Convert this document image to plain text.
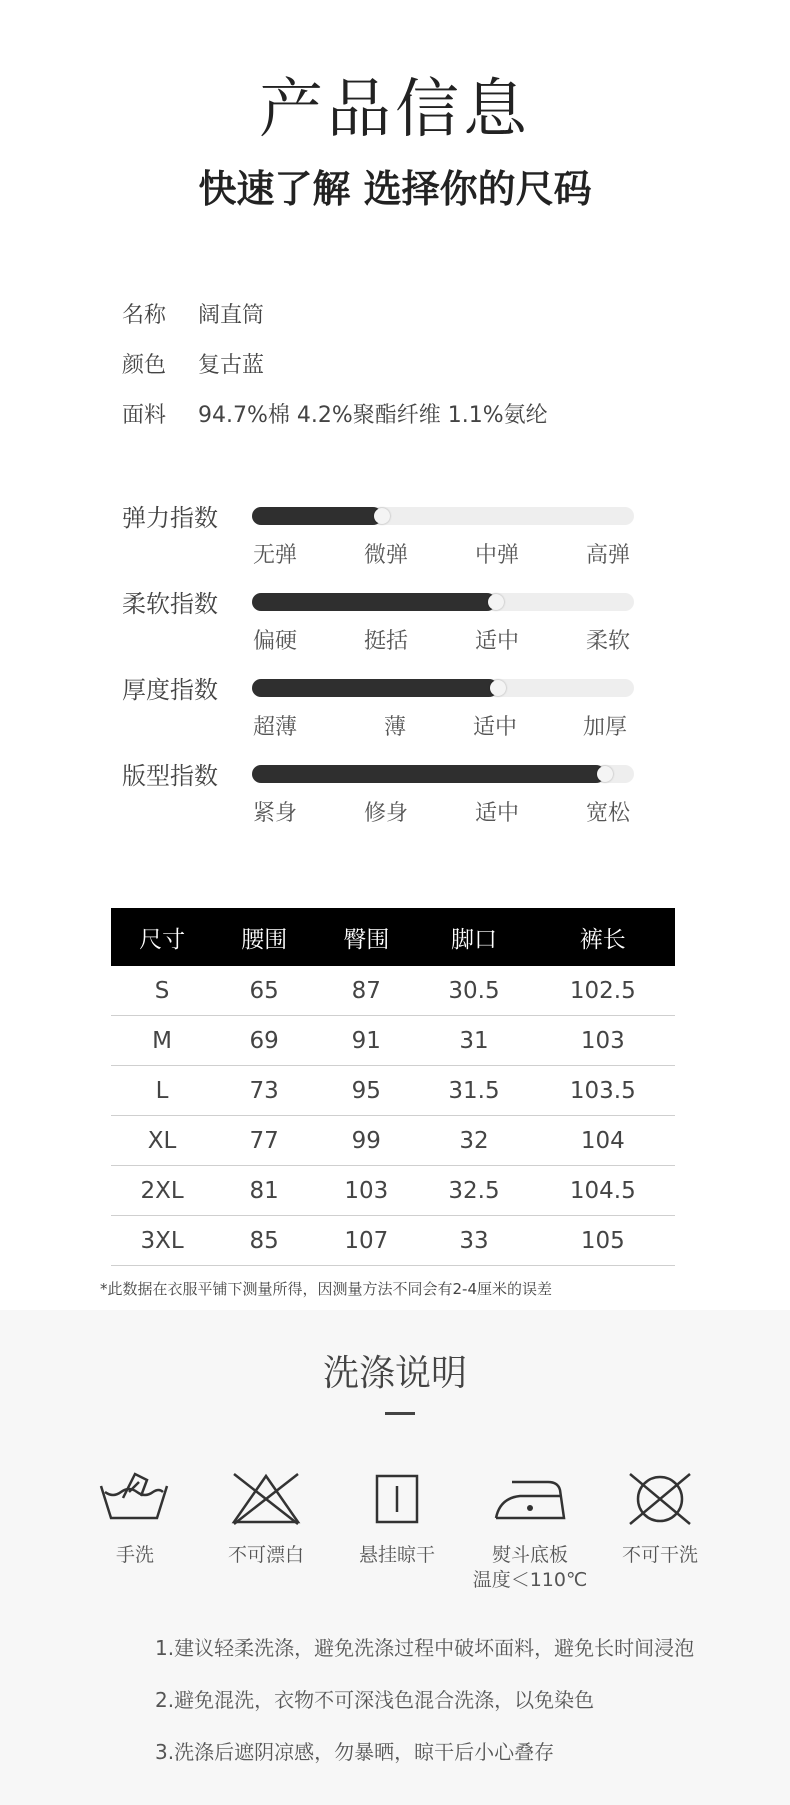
产品信息
快速了解 选择你的尺码
名称 阔直筒
颜色 复古蓝
面料 94.7%棉 4.2%聚酯纤维 1.1%氨纶
弹力指数
无弹	微弹	中弹	高弹
柔软指数
偏硬	挺括	适中	柔软
厚度指数
超薄	薄	适中	加厚
版型指数
紧身	修身	适中	宽松
尺寸	腰围	臀围	脚口	裤长
S	65	87	30.5	102.5
M	69	91	31	103
L	73	95	31.5	103.5
XL	77	99	32	104
2XL	81	103	32.5	104.5
3XL	85	107	33	105
*此数据在衣服平铺下测量所得，因测量方法不同会有2-4厘米的误差
洗涤说明
手洗	不可漂白	悬挂晾干	熨斗底板
温度＜110℃
不可干洗
1.建议轻柔洗涤，避免洗涤过程中破坏面料，避免长时间浸泡
2.避免混洗，衣物不可深浅色混合洗涤，以免染色
3.洗涤后遮阴凉感，勿暴晒，晾干后小心叠存
